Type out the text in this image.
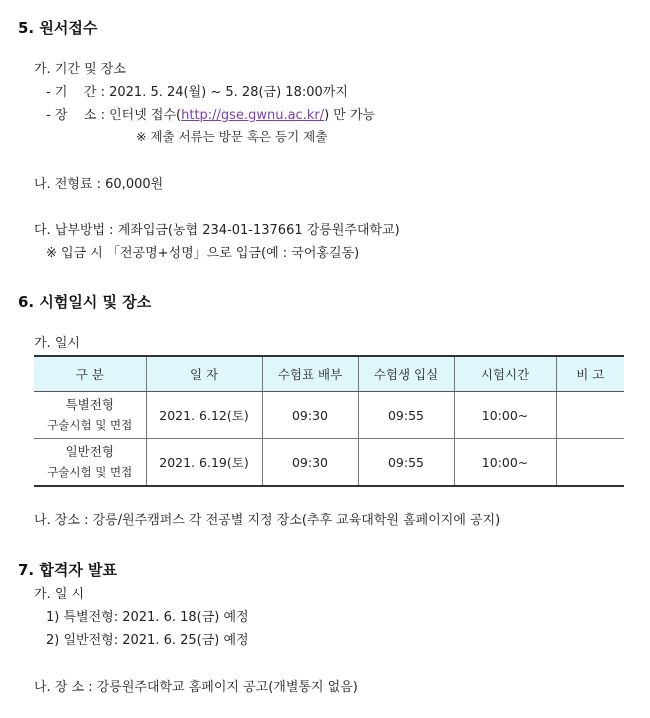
5. 원서접수
가. 기간 및 장소
- 기    간 : 2021. 5. 24(월) ~ 5. 28(금) 18:00까지
- 장    소 : 인터넷 접수(http://gse.gwnu.ac.kr/) 만 가능
※ 제출 서류는 방문 혹은 등기 제출
나. 전형료 : 60,000원
다. 납부방법 : 계좌입금(농협 234-01-137661 강릉원주대학교)
※ 입금 시 「전공명+성명」으로 입금(예 : 국어홍길동)
6. 시험일시 및 장소
가. 일시
구 분	일 자	수험표 배부	수험생 입실	시험시간	비 고

특별전형
구술시험 및 면접	2021. 6.12(토)	09:30	09:55	10:00~	

일반전형
구술시험 및 면접	2021. 6.19(토)	09:30	09:55	10:00~	
나. 장소 : 강릉/원주캠퍼스 각 전공별 지정 장소(추후 교육대학원 홈페이지에 공지)
7. 합격자 발표
가. 일 시
1) 특별전형: 2021. 6. 18(금) 예정
2) 일반전형: 2021. 6. 25(금) 예정
나. 장 소 : 강릉원주대학교 홈페이지 공고(개별통지 없음)
